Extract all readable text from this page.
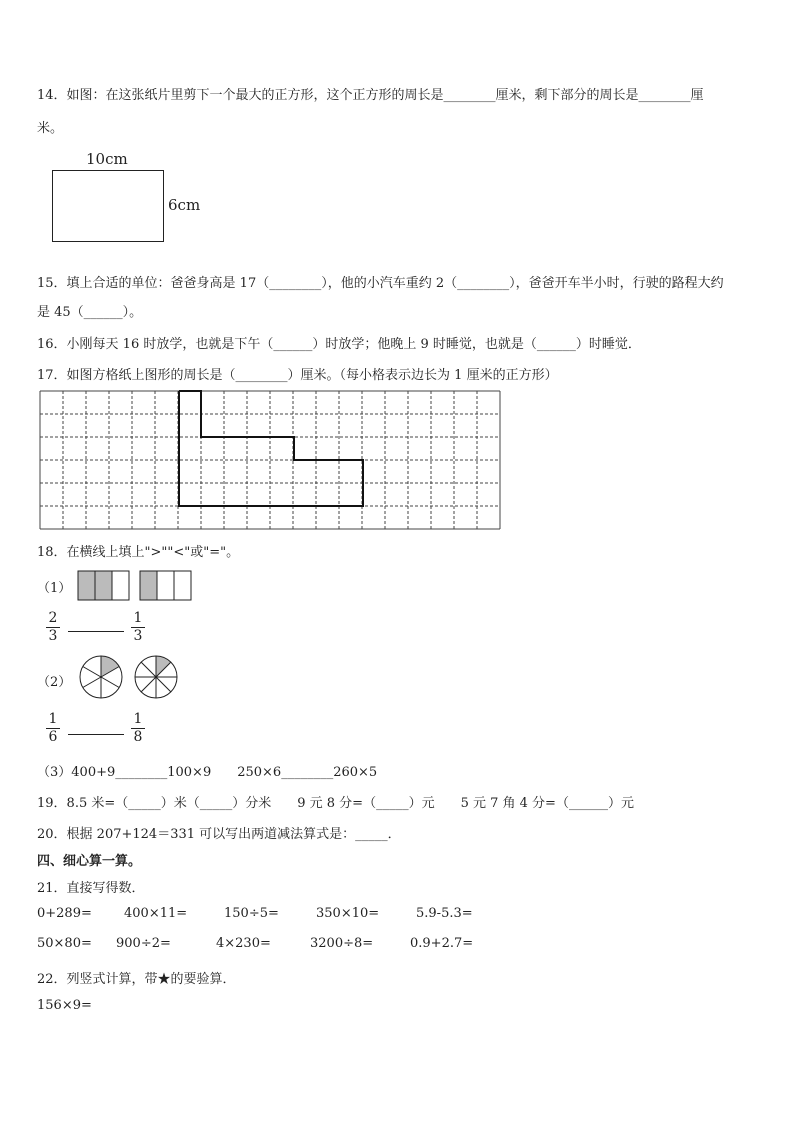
14．如图：在这张纸片里剪下一个最大的正方形，这个正方形的周长是________厘米，剩下部分的周长是________厘
米。
10cm
6cm
15．填上合适的单位：爸爸身高是 17（________），他的小汽车重约 2（________），爸爸开车半小时，行驶的路程大约
是 45（______）。
16．小刚每天 16 时放学，也就是下午（______）时放学；他晚上 9 时睡觉，也就是（______）时睡觉．
17．如图方格纸上图形的周长是（________）厘米。（每小格表示边长为 1 厘米的正方形）
18．在横线上填上">""<"或"="。
（1）
$\frac{2}{3}$	$\frac{1}{3}$
（2）
$\frac{1}{6}$	$\frac{1}{8}$
（3）400+9________100×9　　250×6________260×5
19．8.5 米=（_____）米（_____）分米　　9 元 8 分=（_____）元　　5 元 7 角 4 分=（______）元
20．根据 207+124＝331 可以写出两道减法算式是：_____．
四、细心算一算。
21．直接写得数．
0+289= 400×11=	150÷5=	350×10=	5.9-5.3=
50×80= 900÷2=	4×230=	3200÷8=	0.9+2.7=
22．列竖式计算，带★的要验算．
156×9=
